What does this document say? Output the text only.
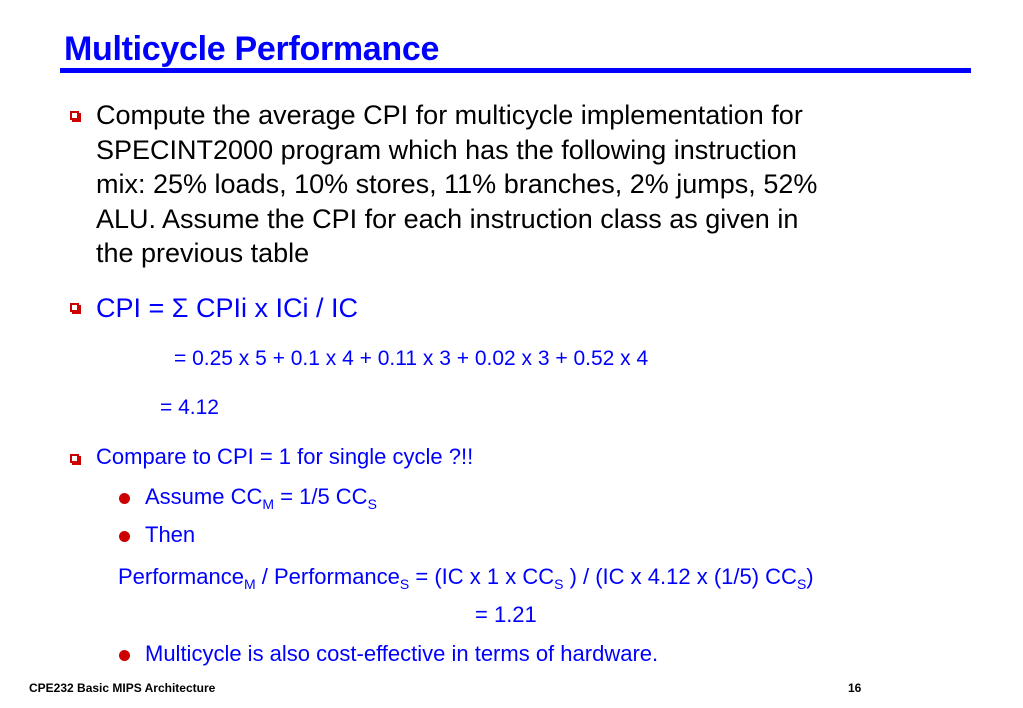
Multicycle Performance
Compute the average CPI for multicycle implementation for
SPECINT2000 program which has the following instruction
mix: 25% loads, 10% stores, 11% branches, 2% jumps, 52%
ALU. Assume the CPI for each instruction class as given in
the previous table
CPI = Σ CPIi x ICi / IC
= 0.25 x 5 + 0.1 x 4 + 0.11 x 3 + 0.02 x 3 + 0.52 x 4
= 4.12
Compare to CPI = 1 for single cycle ?!!
Assume $CC_M = 1/5$ $CC_S$
Then
Performance$_M$ / Performance$_S$ = (IC x 1 x $CC_S$ ) / (IC x 4.12 x (1/5) $CC_S$)
= 1.21
Multicycle is also cost-effective in terms of hardware.
CPE232 Basic MIPS Architecture	16
